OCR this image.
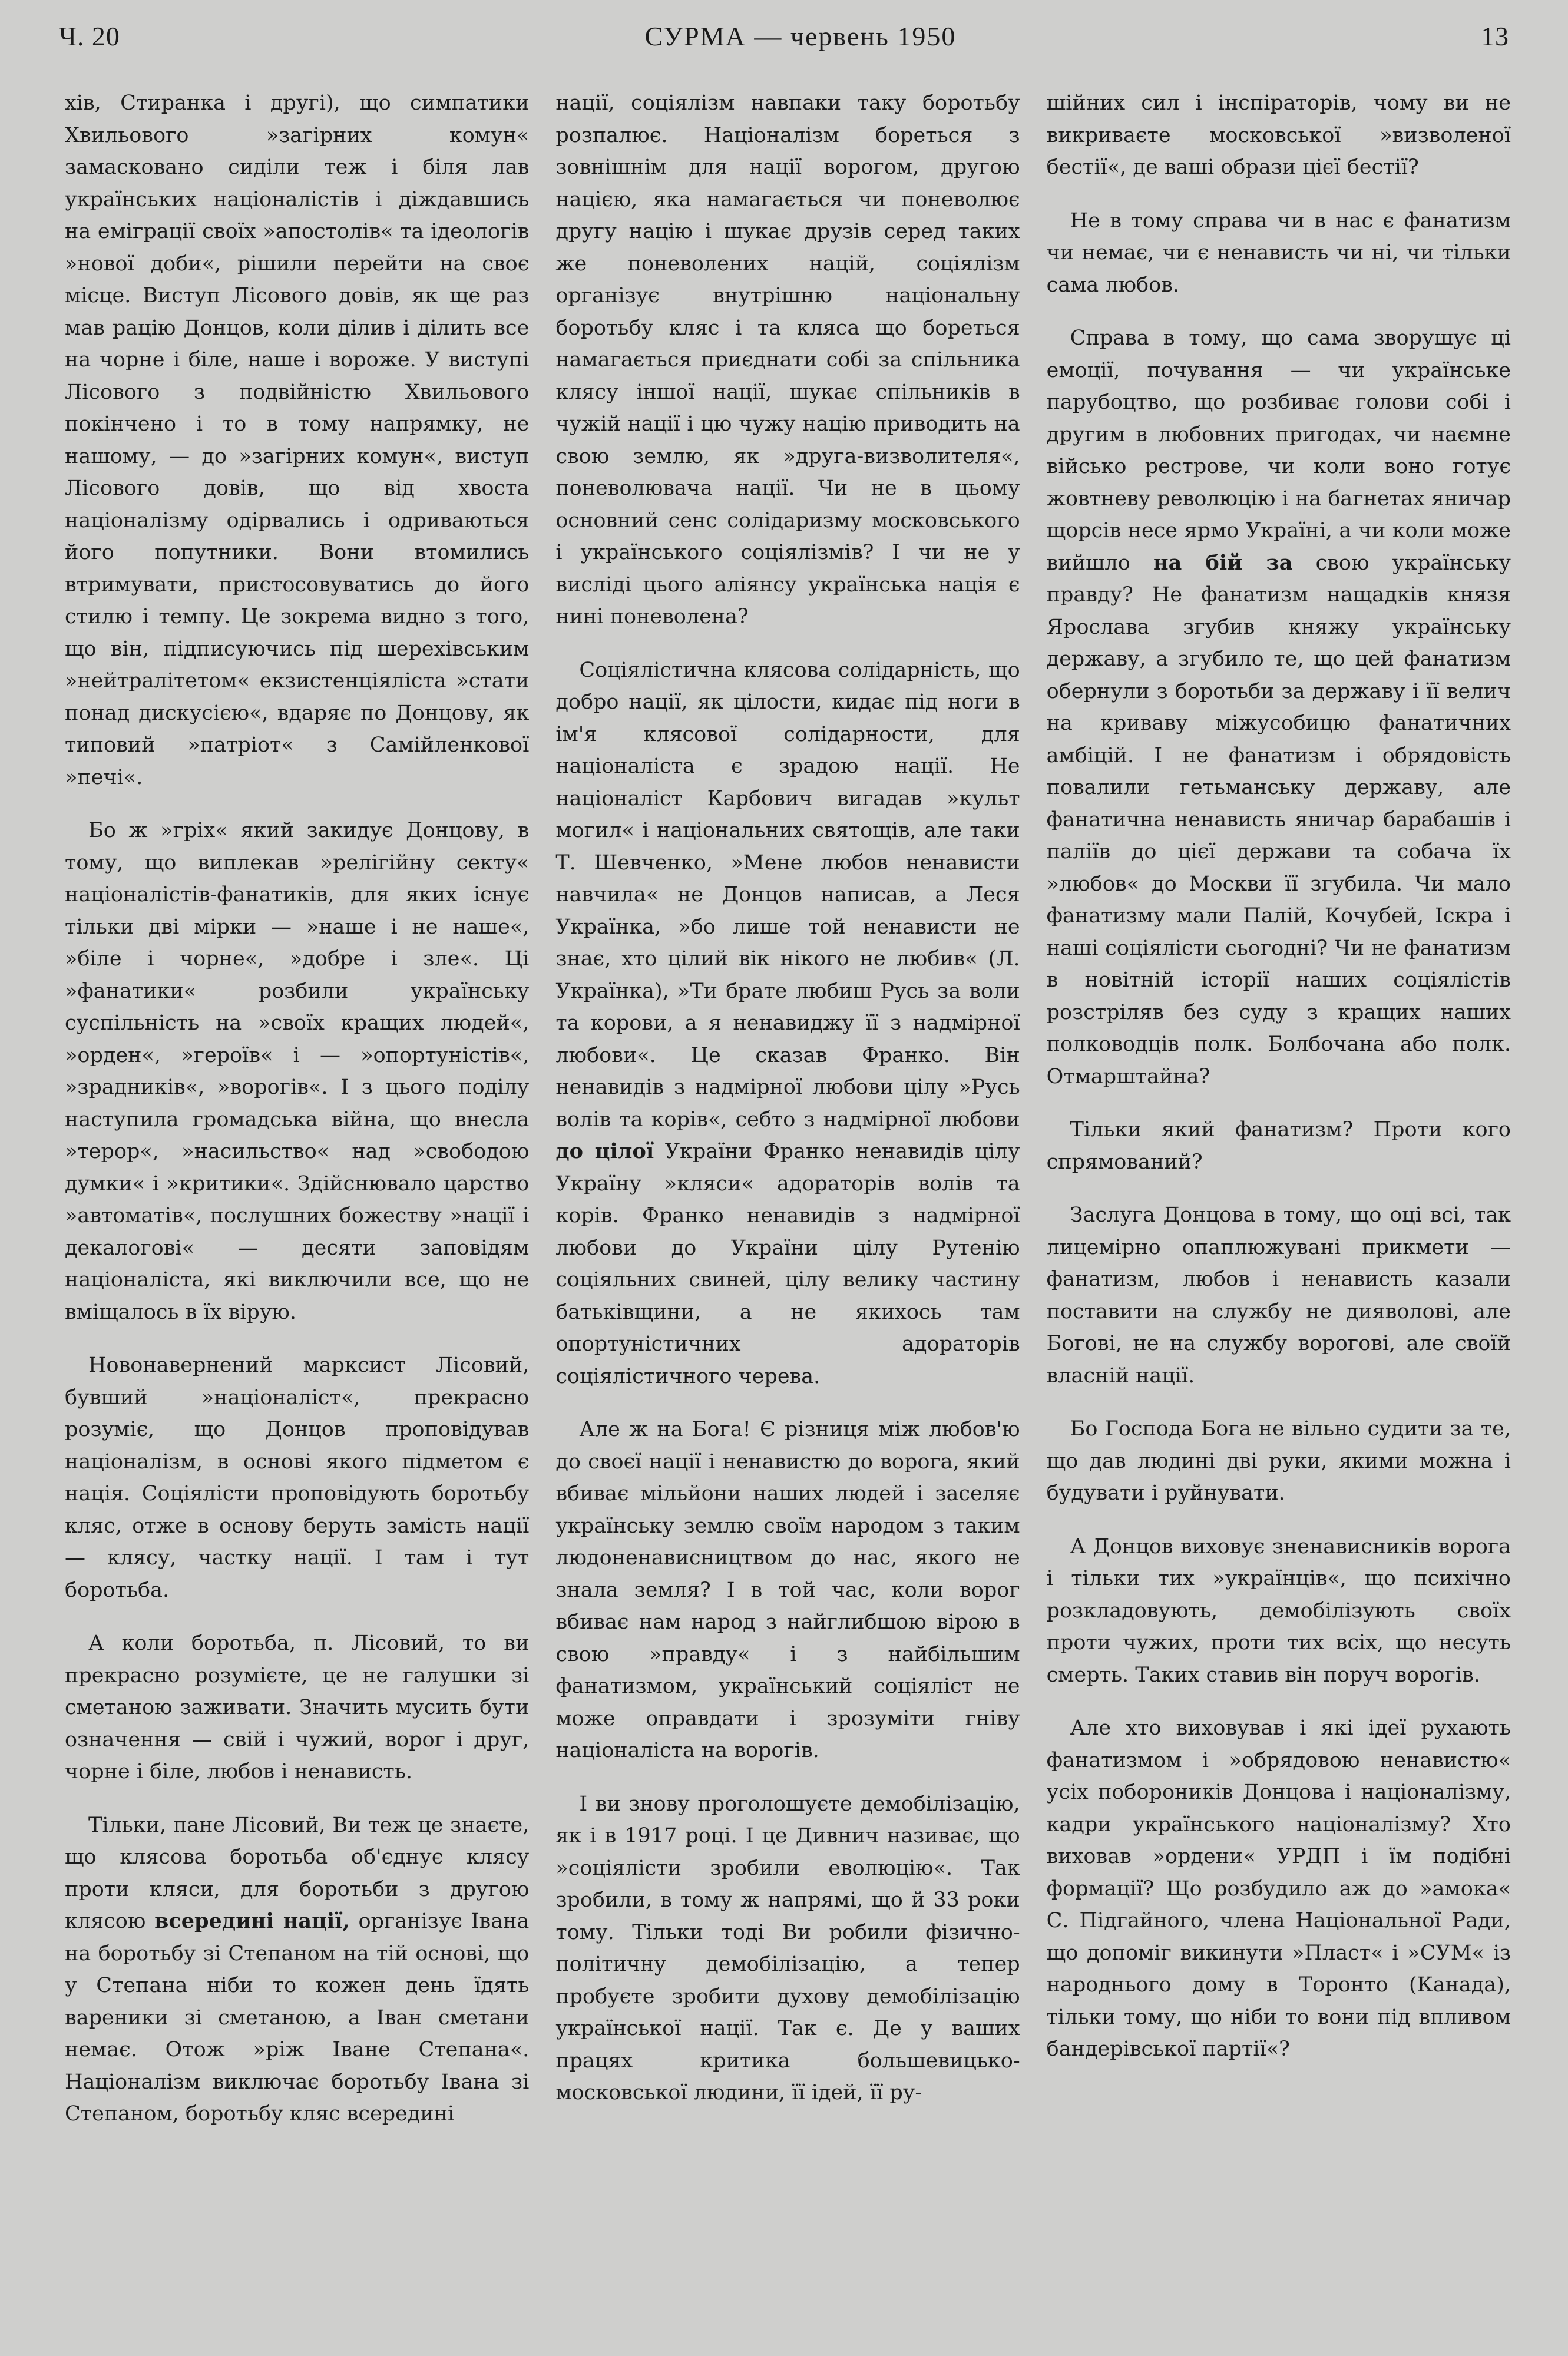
Ч. 20	СУРМА — червень 1950	13

хів, Стиранка і другі), що симпатики Хвильового »загірних комун« замасковано сиділи теж і біля лав українських націоналістів і діждавшись на еміграції своїх »апостолів« та ідеологів »нової доби«, рішили перейти на своє місце. Виступ Лісового довів, як ще раз мав рацію Донцов, коли ділив і ділить все на чорне і біле, наше і вороже. У виступі Лісового з подвійністю Хвильового покінчено і то в тому напрямку, не нашому, — до »загірних комун«, виступ Лісового довів, що від хвоста націоналізму одірвались і одриваються його попутники. Вони втомились втримувати, пристосовуватись до його стилю і темпу. Це зокрема видно з того, що він, підписуючись під шерехівським »нейтралітетом« екзистенціяліста »стати понад дискусією«, вдаряє по Донцову, як типовий »патріот« з Самійленкової »печі«.

Бо ж »гріх« який закидує Донцову, в тому, що виплекав »релігійну секту« націоналістів-фанатиків, для яких існує тільки дві мірки — »наше і не наше«, »біле і чорне«, »добре і зле«. Ці »фанатики« розбили українську суспільність на »своїх кращих людей«, »орден«, »героїв« і — »опортуністів«, »зрадників«, »ворогів«. І з цього поділу наступила громадська війна, що внесла »терор«, »насильство« над »свободою думки« і »критики«. Здійснювало царство »автоматів«, послушних божеству »нації і декалогові« — десяти заповідям націоналіста, які виключили все, що не вміщалось в їх вірую.

Новонавернений марксист Лісовий, бувший »націоналіст«, прекрасно розуміє, що Донцов проповідував націоналізм, в основі якого підметом є нація. Соціялісти проповідують боротьбу кляс, отже в основу беруть замість нації — клясу, частку нації. І там і тут боротьба.

А коли боротьба, п. Лісовий, то ви прекрасно розумієте, це не галушки зі сметаною заживати. Значить мусить бути означення — свій і чужий, ворог і друг, чорне і біле, любов і ненависть.

Тільки, пане Лісовий, Ви теж це знаєте, що клясова боротьба об'єднує клясу проти кляси, для боротьби з другою клясою всередині нації, організує Івана на боротьбу зі Степаном на тій основі, що у Степана ніби то кожен день їдять вареники зі сметаною, а Іван сметани немає. Отож »ріж Іване Степана«. Націоналізм виключає боротьбу Івана зі Степаном, боротьбу кляс всередині

нації, соціялізм навпаки таку боротьбу розпалює. Націоналізм бореться з зовнішнім для нації ворогом, другою нацією, яка намагається чи поневолює другу націю і шукає друзів серед таких же поневолених націй, соціялізм організує внутрішню національну боротьбу кляс і та кляса що бореться намагається приєднати собі за спільника клясу іншої нації, шукає спільників в чужій нації і цю чужу націю приводить на свою землю, як »друга-визволителя«, поневолювача нації. Чи не в цьому основний сенс солідаризму московського і українського соціялізмів? І чи не у висліді цього аліянсу українська нація є нині поневолена?

Соціялістична клясова солідарність, що добро нації, як цілости, кидає під ноги в ім'я клясової солідарности, для націоналіста є зрадою нації. Не націоналіст Карбович вигадав »культ могил« і національних святощів, але таки Т. Шевченко, »Мене любов ненависти навчила« не Донцов написав, а Леся Українка, »бо лише той ненависти не знає, хто цілий вік нікого не любив« (Л. Українка), »Ти брате любиш Русь за воли та корови, а я ненавиджу її з надмірної любови«. Це сказав Франко. Він ненавидів з надмірної любови цілу »Русь волів та корів«, себто з надмірної любови до цілої України Франко ненавидів цілу Україну »кляси« адораторів волів та корів. Франко ненавидів з надмірної любови до України цілу Рутенію соціяльних свиней, цілу велику частину батьківщини, а не якихось там опортуністичних адораторів соціялістичного черева.

Але ж на Бога! Є різниця між любов'ю до своєї нації і ненавистю до ворога, який вбиває мільйони наших людей і заселяє українську землю своїм народом з таким людоненависництвом до нас, якого не знала земля? І в той час, коли ворог вбиває нам народ з найглибшою вірою в свою »правду« і з найбільшим фанатизмом, український соціяліст не може оправдати і зрозуміти гніву націоналіста на ворогів.

І ви знову проголошуєте демобілізацію, як і в 1917 році. І це Дивнич називає, що »соціялісти зробили еволюцію«. Так зробили, в тому ж напрямі, що й 33 роки тому. Тільки тоді Ви робили фізично-політичну демобілізацію, а тепер пробуєте зробити духову демобілізацію української нації. Так є. Де у ваших працях критика большевицько-московської людини, її ідей, її ру-

шійних сил і інспіраторів, чому ви не викриваєте московської »визволеної бестії«, де ваші образи цієї бестії?

Не в тому справа чи в нас є фанатизм чи немає, чи є ненависть чи ні, чи тільки сама любов.

Справа в тому, що сама зворушує ці емоції, почування — чи українське парубоцтво, що розбиває голови собі і другим в любовних пригодах, чи наємне військо рестрове, чи коли воно готує жовтневу революцію і на багнетах яничар щорсів несе ярмо Україні, а чи коли може вийшло на бій за свою українську правду? Не фанатизм нащадків князя Ярослава згубив княжу українську державу, а згубило те, що цей фанатизм обернули з боротьби за державу і її велич на криваву міжусобицю фанатичних амбіцій. І не фанатизм і обрядовість повалили гетьманську державу, але фанатична ненависть яничар барабашів і паліїв до цієї держави та собача їх »любов« до Москви її згубила. Чи мало фанатизму мали Палій, Кочубей, Іскра і наші соціялісти сьогодні? Чи не фанатизм в новітній історії наших соціялістів розстріляв без суду з кращих наших полководців полк. Болбочана або полк. Отмарштайна?

Тільки який фанатизм? Проти кого спрямований?

Заслуга Донцова в тому, що оці всі, так лицемірно опаплюжувані прикмети — фанатизм, любов і ненависть казали поставити на службу не дияволові, але Богові, не на службу ворогові, але своїй власній нації.

Бо Господа Бога не вільно судити за те, що дав людині дві руки, якими можна і будувати і руйнувати.

А Донцов виховує зненависників ворога і тільки тих »українців«, що психічно розкладовують, демобілізують своїх проти чужих, проти тих всіх, що несуть смерть. Таких ставив він поруч ворогів.

Але хто виховував і які ідеї рухають фанатизмом і »обрядовою ненавистю« усіх побороників Донцова і націоналізму, кадри українського націоналізму? Хто виховав »ордени« УРДП і їм подібні формації? Що розбудило аж до »амока« С. Підгайного, члена Національної Ради, що допоміг викинути »Пласт« і »СУМ« із народнього дому в Торонто (Канада), тільки тому, що ніби то вони під впливом бандерівської партії«?
